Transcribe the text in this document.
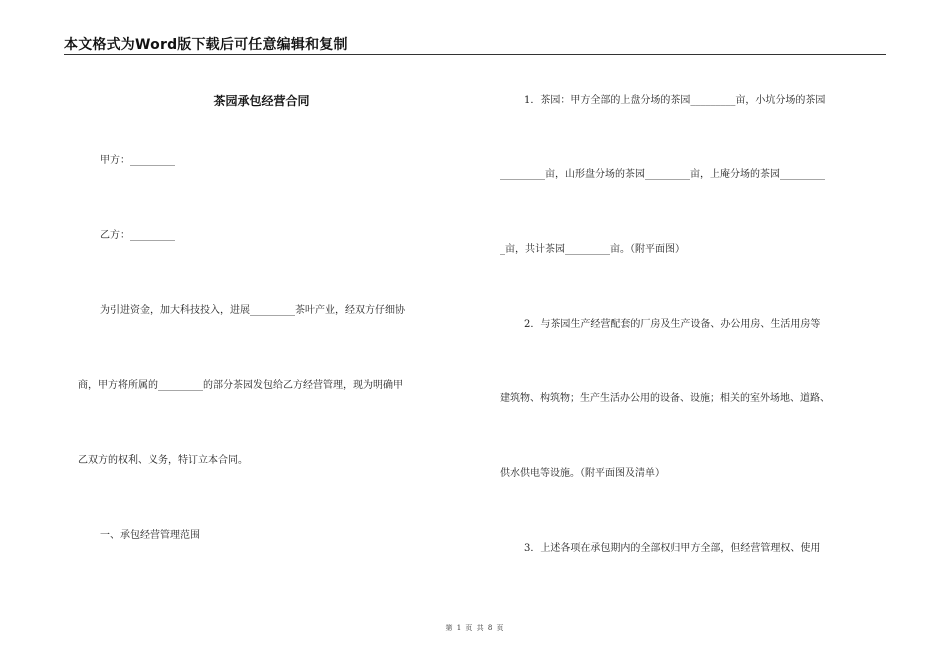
本文格式为Word版下载后可任意编辑和复制
茶园承包经营合同
甲方：_________
乙方：_________
为引进资金，加大科技投入，进展_________茶叶产业，经双方仔细协
商，甲方将所属的_________的部分茶园发包给乙方经营管理，现为明确甲
乙双方的权利、义务，特订立本合同。
一、承包经营管理范围
1．茶园：甲方全部的上盘分场的茶园_________亩，小坑分场的茶园
_________亩，山形盘分场的茶园_________亩，上庵分场的茶园_________
_亩，共计茶园_________亩。（附平面图）
2．与茶园生产经营配套的厂房及生产设备、办公用房、生活用房等
建筑物、构筑物；生产生活办公用的设备、设施；相关的室外场地、道路、
供水供电等设施。（附平面图及清单）
3．上述各项在承包期内的全部权归甲方全部，但经营管理权、使用
第 1 页 共 8 页
